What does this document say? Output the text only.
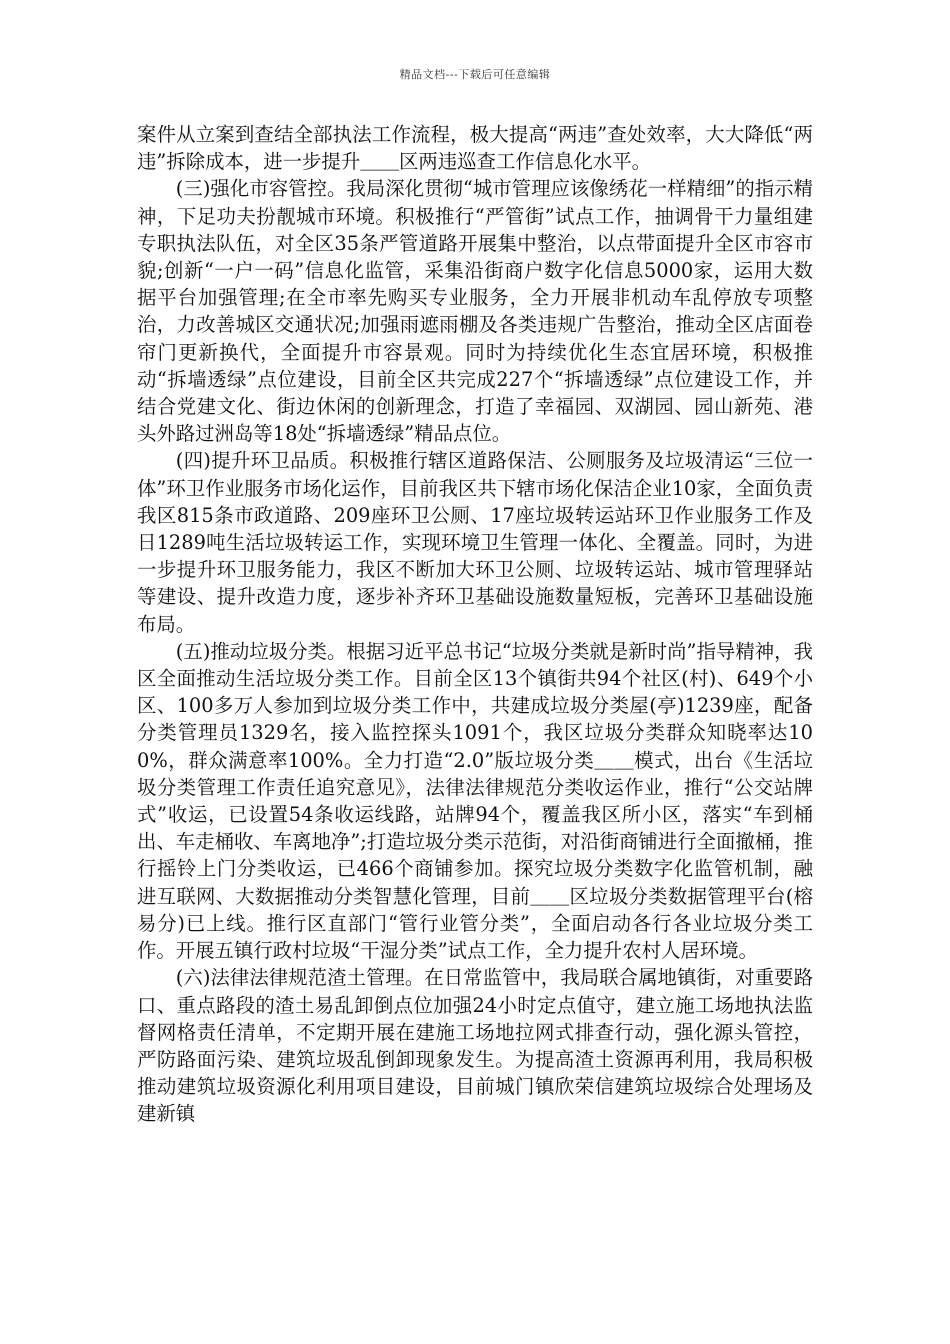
精品文档---下载后可任意编辑

案件从立案到查结全部执法工作流程，极大提高“两违”查处效率，大大降低“两违”拆除成本，进一步提升＿＿区两违巡查工作信息化水平。

(三)强化市容管控。我局深化贯彻“城市管理应该像绣花一样精细”的指示精神，下足功夫扮靓城市环境。积极推行“严管街”试点工作，抽调骨干力量组建专职执法队伍，对全区35条严管道路开展集中整治，以点带面提升全区市容市貌;创新“一户一码”信息化监管，采集沿街商户数字化信息5000家，运用大数据平台加强管理;在全市率先购买专业服务，全力开展非机动车乱停放专项整治，力改善城区交通状况;加强雨遮雨棚及各类违规广告整治，推动全区店面卷帘门更新换代，全面提升市容景观。同时为持续优化生态宜居环境，积极推动“拆墙透绿”点位建设，目前全区共完成227个“拆墙透绿”点位建设工作，并结合党建文化、街边休闲的创新理念，打造了幸福园、双湖园、园山新苑、港头外路过洲岛等18处“拆墙透绿”精品点位。

(四)提升环卫品质。积极推行辖区道路保洁、公厕服务及垃圾清运“三位一体”环卫作业服务市场化运作，目前我区共下辖市场化保洁企业10家，全面负责我区815条市政道路、209座环卫公厕、17座垃圾转运站环卫作业服务工作及日1289吨生活垃圾转运工作，实现环境卫生管理一体化、全覆盖。同时，为进一步提升环卫服务能力，我区不断加大环卫公厕、垃圾转运站、城市管理驿站等建设、提升改造力度，逐步补齐环卫基础设施数量短板，完善环卫基础设施布局。

(五)推动垃圾分类。根据习近平总书记“垃圾分类就是新时尚”指导精神，我区全面推动生活垃圾分类工作。目前全区13个镇街共94个社区(村)、649个小区、100多万人参加到垃圾分类工作中，共建成垃圾分类屋(亭)1239座，配备分类管理员1329名，接入监控探头1091个，我区垃圾分类群众知晓率达100%，群众满意率100%。全力打造“2.0”版垃圾分类＿＿模式，出台《生活垃圾分类管理工作责任追究意见》，法律法律规范分类收运作业，推行“公交站牌式”收运，已设置54条收运线路，站牌94个，覆盖我区所小区，落实“车到桶出、车走桶收、车离地净”;打造垃圾分类示范街，对沿街商铺进行全面撤桶，推行摇铃上门分类收运，已466个商铺参加。探究垃圾分类数字化监管机制，融进互联网、大数据推动分类智慧化管理，目前＿＿区垃圾分类数据管理平台(榕易分)已上线。推行区直部门“管行业管分类”，全面启动各行各业垃圾分类工作。开展五镇行政村垃圾“干湿分类”试点工作，全力提升农村人居环境。

(六)法律法律规范渣土管理。在日常监管中，我局联合属地镇街，对重要路口、重点路段的渣土易乱卸倒点位加强24小时定点值守，建立施工场地执法监督网格责任清单，不定期开展在建施工场地拉网式排查行动，强化源头管控，严防路面污染、建筑垃圾乱倒卸现象发生。为提高渣土资源再利用，我局积极推动建筑垃圾资源化利用项目建设，目前城门镇欣荣信建筑垃圾综合处理场及建新镇
